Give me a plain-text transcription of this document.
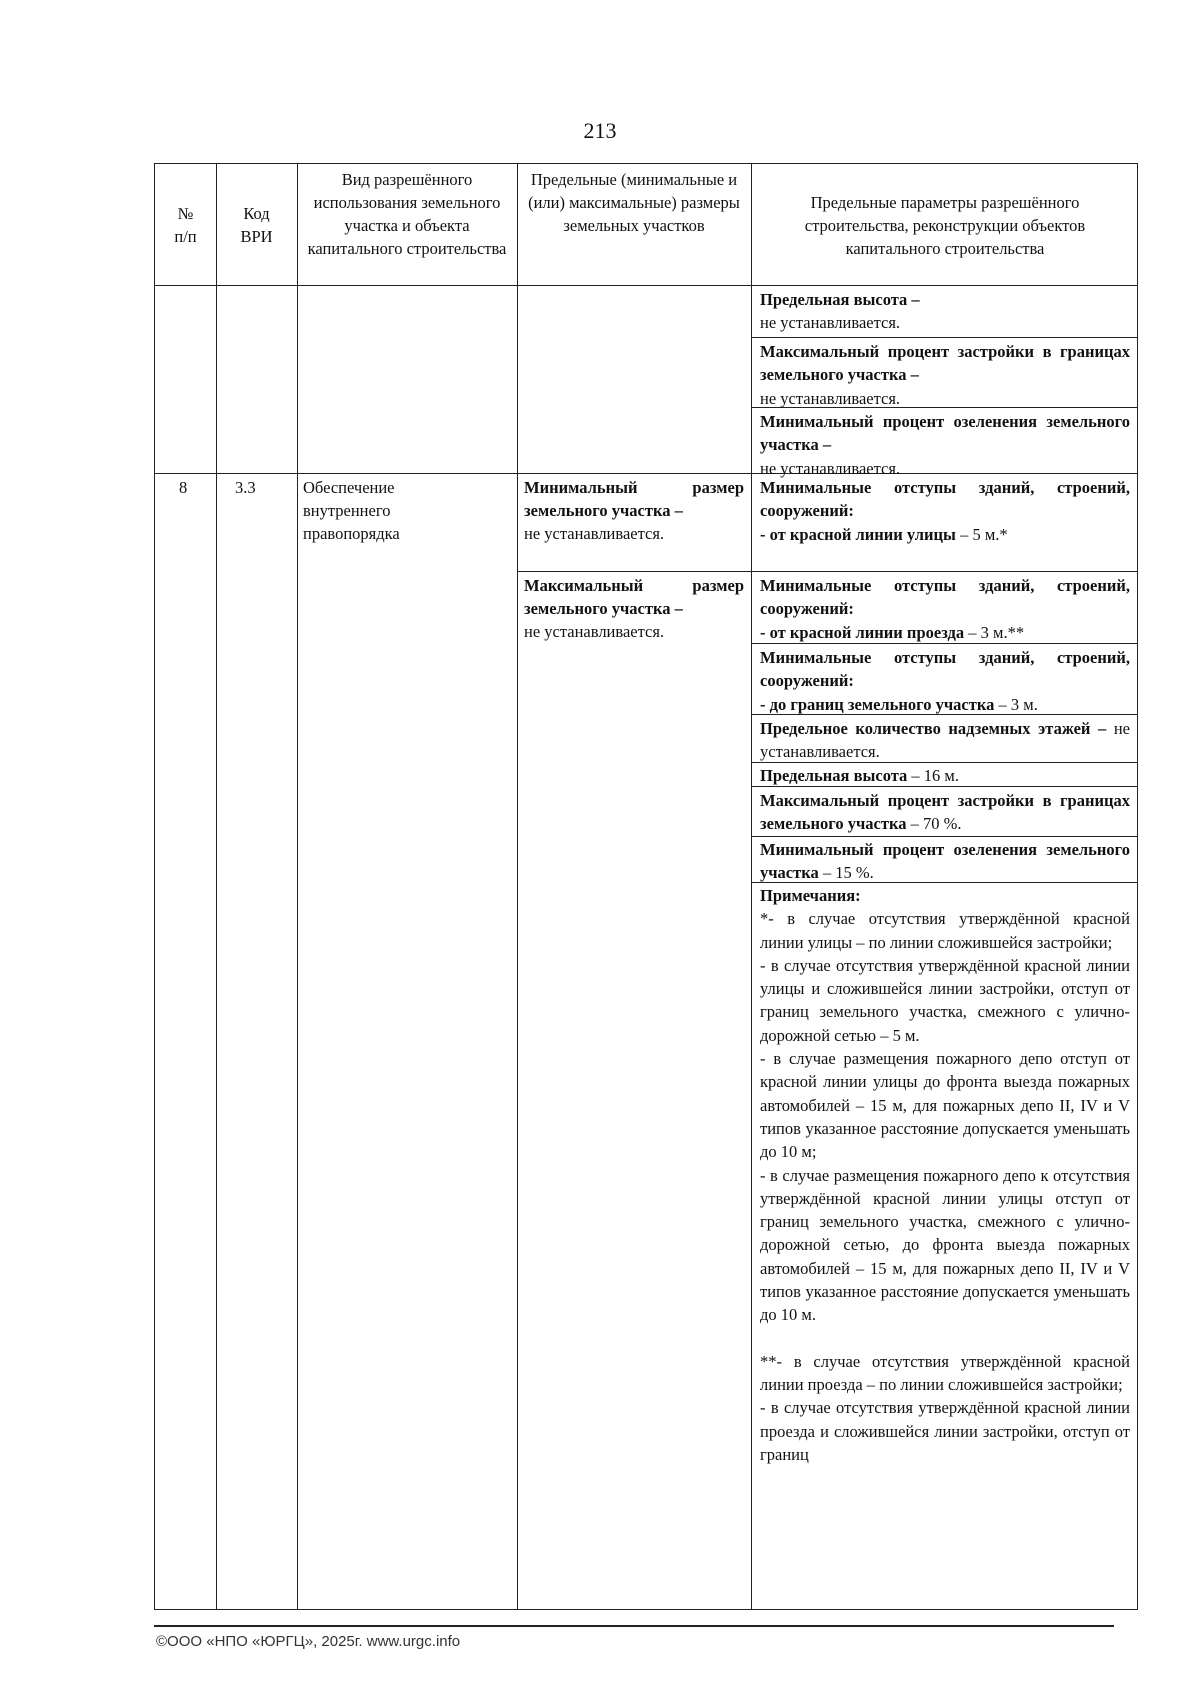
213
№
п/п
Код
ВРИ
Предельные (минимальные и (или) максимальные) размеры земельных участков
Вид разрешённого использования земельного участка и объекта капитального строительства
Предельные параметры разрешённого строительства, реконструкции объектов капитального строительства
Предельная высота –
не устанавливается.
Максимальный процент застройки в границах земельного участка –
не устанавливается.
Минимальный процент озеленения земельного участка –
не устанавливается.
8	3.3	Обеспечение внутреннего правопорядка
Минимальный размер земельного участка –
не устанавливается.
Максимальный размер земельного участка –
не устанавливается.
Минимальные отступы зданий, строений, сооружений:
- от красной линии улицы – 5 м.*
Минимальные отступы зданий, строений, сооружений:
- от красной линии проезда – 3 м.**
Минимальные отступы зданий, строений, сооружений:
- до границ земельного участка – 3 м.
Предельное количество надземных этажей – не устанавливается.
Предельная высота – 16 м.
Максимальный процент застройки в границах земельного участка – 70 %.
Минимальный процент озеленения земельного участка – 15 %.
Примечания:

*- в случае отсутствия утверждённой красной линии улицы – по линии сложившейся застройки;

- в случае отсутствия утверждённой красной линии улицы и сложившейся линии застройки, отступ от границ земельного участка, смежного с улично-дорожной сетью – 5 м.

- в случае размещения пожарного депо отступ от красной линии улицы до фронта выезда пожарных автомобилей – 15 м, для пожарных депо II, IV и V типов указанное расстояние допускается уменьшать до 10 м;

- в случае размещения пожарного депо к отсутствия утверждённой красной линии улицы отступ от границ земельного участка, смежного с улично-дорожной сетью, до фронта выезда пожарных автомобилей – 15 м, для пожарных депо II, IV и V типов указанное расстояние допускается уменьшать до 10 м.

**- в случае отсутствия утверждённой красной линии проезда – по линии сложившейся застройки;

- в случае отсутствия утверждённой красной линии проезда и сложившейся линии застройки, отступ от границ

©ООО «НПО «ЮРГЦ», 2025г. www.urgc.info
